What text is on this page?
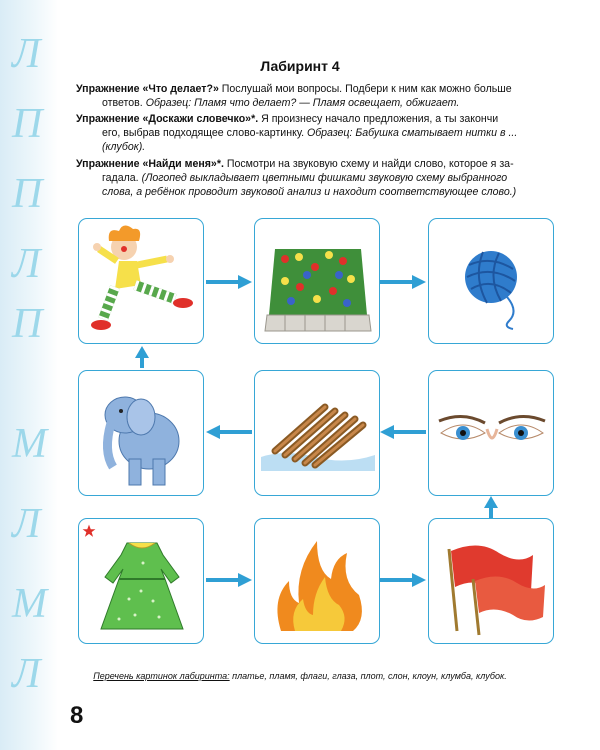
Л
П
П
Л
П
М
Л
М
Л
Лабиринт 4
Упражнение «Что делает?» Послушай мои вопросы. Подбери к ним как можно больше
ответов. Образец: Пламя что делает? — Пламя освещает, обжигает.
Упражнение «Доскажи словечко»*. Я произнесу начало предложения, а ты закончи
его, выбрав подходящее слово-картинку. Образец: Бабушка сматывает нитки в ...
(клубок).
Упражнение «Найди меня»*. Посмотри на звуковую схему и найди слово, которое я за-
гадала. (Логопед выкладывает цветными фишками звуковую схему выбранного
слова, а ребёнок проводит звуковой анализ и находит соответствующее слово.)
Перечень картинок лабиринта: платье, пламя, флаги, глаза, плот, слон, клоун, клумба, клубок.
8
